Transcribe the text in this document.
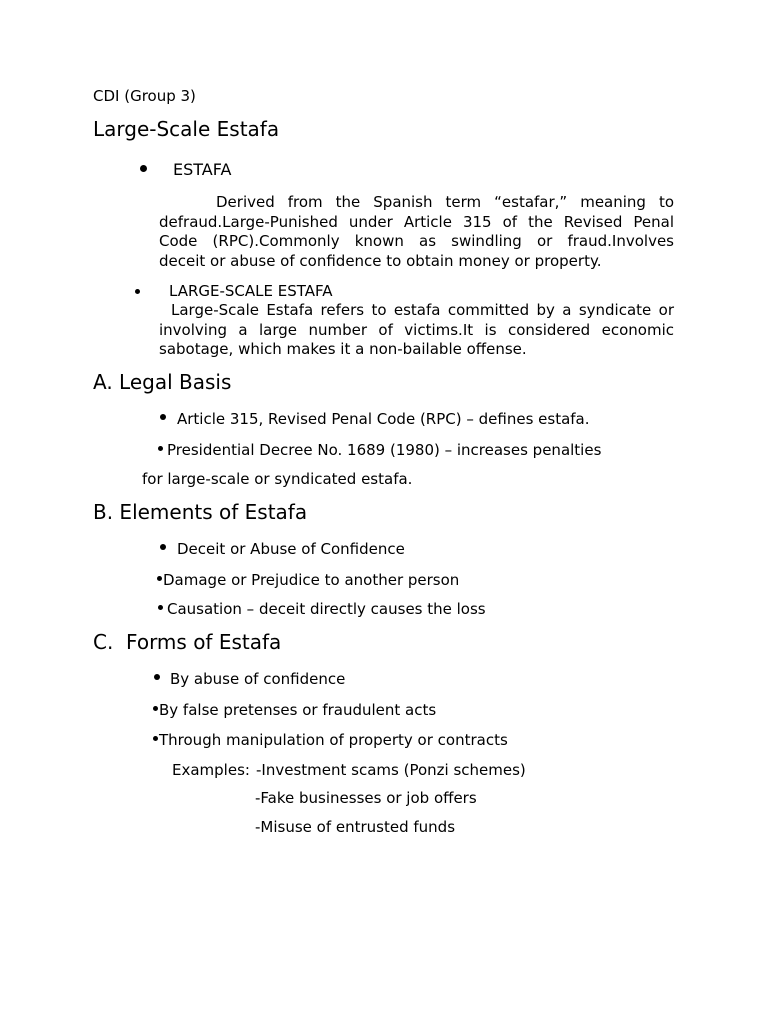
CDI (Group 3)
Large-Scale Estafa
ESTAFA
Derived from the Spanish term “estafar,” meaning to
defraud.Large-Punished under Article 315 of the Revised Penal
Code (RPC).Commonly known as swindling or fraud.Involves
deceit or abuse of confidence to obtain money or property.
LARGE-SCALE ESTAFA
Large-Scale Estafa refers to estafa committed by a syndicate or
involving a large number of victims.It is considered economic
sabotage, which makes it a non-bailable offense.
A. Legal Basis
Article 315, Revised Penal Code (RPC) – defines estafa.
Presidential Decree No. 1689 (1980) – increases penalties
for large-scale or syndicated estafa.
B. Elements of Estafa
Deceit or Abuse of Confidence
Damage or Prejudice to another person
Causation – deceit directly causes the loss
C.  Forms of Estafa
By abuse of confidence
By false pretenses or fraudulent acts
Through manipulation of property or contracts
Examples: -Investment scams (Ponzi schemes)
-Fake businesses or job offers
-Misuse of entrusted funds
